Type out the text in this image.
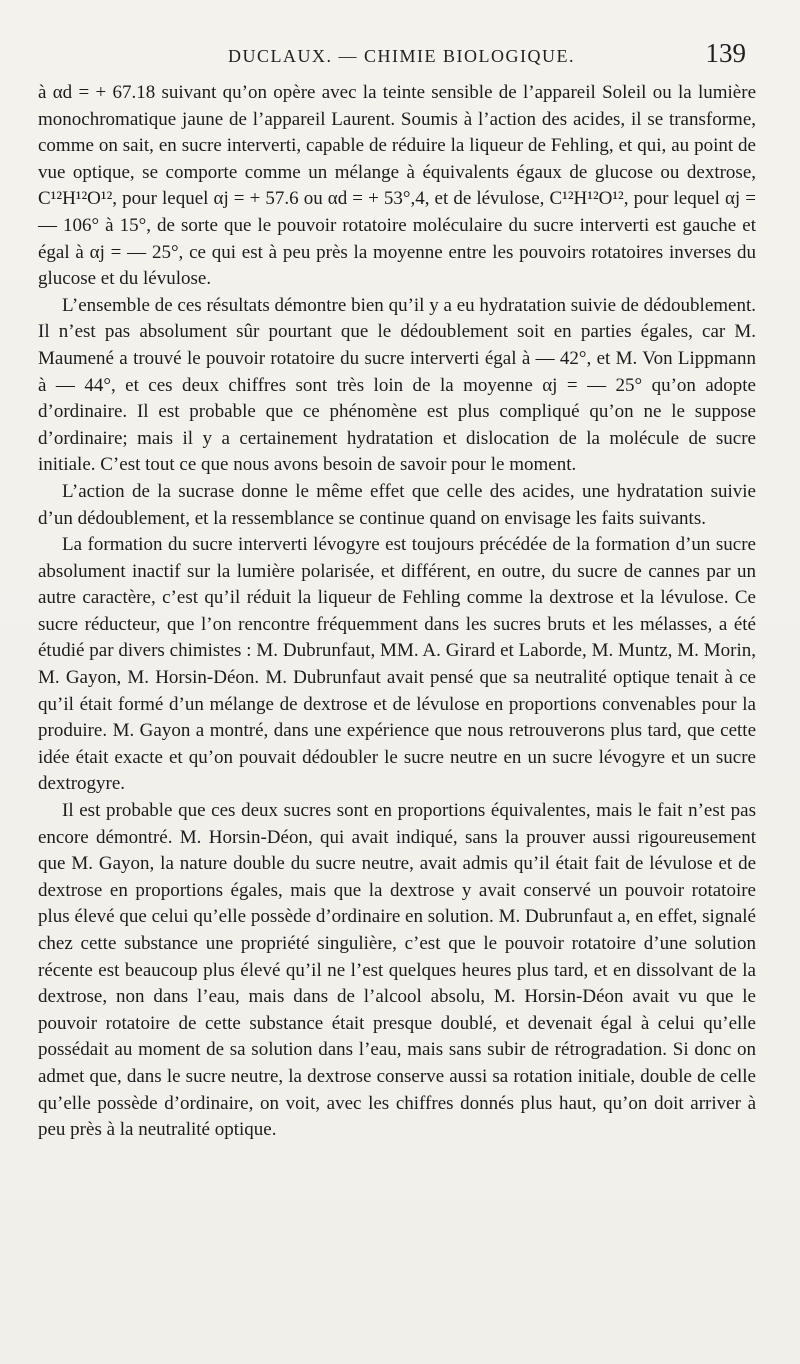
DUCLAUX. — CHIMIE BIOLOGIQUE.	139

à αd = + 67.18 suivant qu’on opère avec la teinte sensible de l’appareil Soleil ou la lumière monochromatique jaune de l’appareil Laurent. Soumis à l’action des acides, il se transforme, comme on sait, en sucre interverti, capable de réduire la liqueur de Fehling, et qui, au point de vue optique, se comporte comme un mélange à équivalents égaux de glucose ou dextrose, C¹²H¹²O¹², pour lequel αj = + 57.6 ou αd = + 53°,4, et de lévulose, C¹²H¹²O¹², pour lequel αj = — 106° à 15°, de sorte que le pouvoir rotatoire moléculaire du sucre interverti est gauche et égal à αj = — 25°, ce qui est à peu près la moyenne entre les pouvoirs rotatoires inverses du glucose et du lévulose.

L’ensemble de ces résultats démontre bien qu’il y a eu hydratation suivie de dédoublement. Il n’est pas absolument sûr pourtant que le dédoublement soit en parties égales, car M. Maumené a trouvé le pouvoir rotatoire du sucre interverti égal à — 42°, et M. Von Lippmann à — 44°, et ces deux chiffres sont très loin de la moyenne αj = — 25° qu’on adopte d’ordinaire. Il est probable que ce phénomène est plus compliqué qu’on ne le suppose d’ordinaire; mais il y a certainement hydratation et dislocation de la molécule de sucre initiale. C’est tout ce que nous avons besoin de savoir pour le moment.

L’action de la sucrase donne le même effet que celle des acides, une hydratation suivie d’un dédoublement, et la ressemblance se continue quand on envisage les faits suivants.

La formation du sucre interverti lévogyre est toujours précédée de la formation d’un sucre absolument inactif sur la lumière polarisée, et différent, en outre, du sucre de cannes par un autre caractère, c’est qu’il réduit la liqueur de Fehling comme la dextrose et la lévulose. Ce sucre réducteur, que l’on rencontre fréquemment dans les sucres bruts et les mélasses, a été étudié par divers chimistes : M. Dubrunfaut, MM. A. Girard et Laborde, M. Muntz, M. Morin, M. Gayon, M. Horsin-Déon. M. Dubrunfaut avait pensé que sa neutralité optique tenait à ce qu’il était formé d’un mélange de dextrose et de lévulose en proportions convenables pour la produire. M. Gayon a montré, dans une expérience que nous retrouverons plus tard, que cette idée était exacte et qu’on pouvait dédoubler le sucre neutre en un sucre lévogyre et un sucre dextrogyre.

Il est probable que ces deux sucres sont en proportions équivalentes, mais le fait n’est pas encore démontré. M. Horsin-Déon, qui avait indiqué, sans la prouver aussi rigoureusement que M. Gayon, la nature double du sucre neutre, avait admis qu’il était fait de lévulose et de dextrose en proportions égales, mais que la dextrose y avait conservé un pouvoir rotatoire plus élevé que celui qu’elle possède d’ordinaire en solution. M. Dubrunfaut a, en effet, signalé chez cette substance une propriété singulière, c’est que le pouvoir rotatoire d’une solution récente est beaucoup plus élevé qu’il ne l’est quelques heures plus tard, et en dissolvant de la dextrose, non dans l’eau, mais dans de l’alcool absolu, M. Horsin-Déon avait vu que le pouvoir rotatoire de cette substance était presque doublé, et devenait égal à celui qu’elle possédait au moment de sa solution dans l’eau, mais sans subir de rétrogradation. Si donc on admet que, dans le sucre neutre, la dextrose conserve aussi sa rotation initiale, double de celle qu’elle possède d’ordinaire, on voit, avec les chiffres donnés plus haut, qu’on doit arriver à peu près à la neutralité optique.
